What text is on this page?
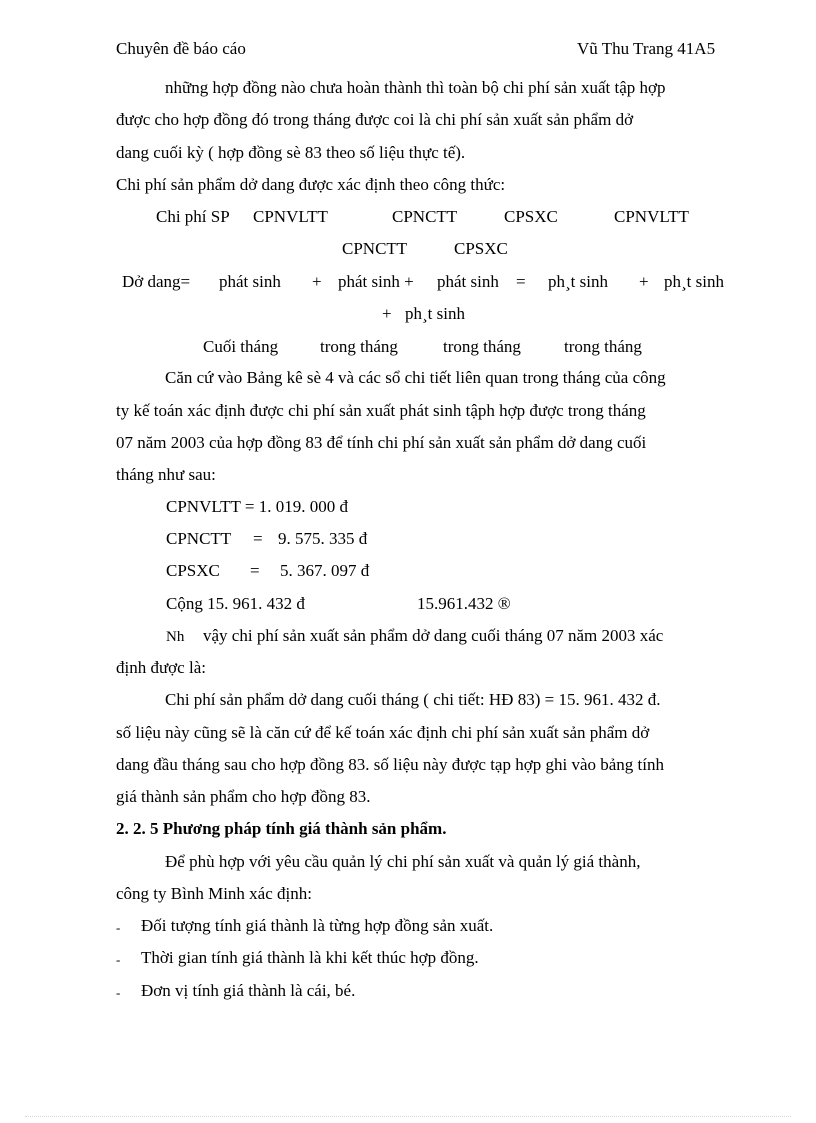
Chuyên đề báo cáo	Vũ Thu Trang 41A5
những hợp đồng nào chưa hoàn thành thì toàn bộ chi phí sản xuất tập hợp
được cho hợp đồng đó trong tháng được coi là chi phí sản xuất sản phẩm dở
dang cuối kỳ ( hợp đồng sè 83 theo số liệu thực tế).
Chi phí sản phẩm dở dang được xác định theo công thức:
Chi phí SP CPNVLTT	CPNCTT	CPSXC	CPNVLTT
CPNCTT	CPSXC
Dở dang= phát sinh + phát sinh + phát sinh = ph¸t sinh + ph¸t sinh
+ ph¸t sinh
Cuối tháng trong tháng	trong tháng	trong tháng
Căn cứ vào Bảng kê sè 4 và các sổ chi tiết liên quan trong tháng của công
ty kế toán xác định được chi phí sản xuất phát sinh tậph hợp được trong tháng
07 năm 2003 của hợp đồng 83 để tính chi phí sản xuất sản phẩm dở dang cuối
tháng như sau:
CPNVLTT = 1. 019. 000 đ
CPNCTT = 9. 575. 335 đ
CPSXC = 5. 367. 097 đ
Cộng 15. 961. 432 đ	15.961.432 ®
Nh vậy chi phí sản xuất sản phẩm dở dang cuối tháng 07 năm 2003 xác
định được là:
Chi phí sản phẩm dở dang cuối tháng ( chi tiết: HĐ 83) = 15. 961. 432 đ.
số liệu này cũng sẽ là căn cứ để kế toán xác định chi phí sản xuất sản phẩm dở
dang đầu tháng sau cho hợp đồng 83. số liệu này được tạp hợp ghi vào bảng tính
giá thành sản phẩm cho hợp đồng 83.
2. 2. 5 Phương pháp tính giá thành sản phẩm.
Để phù hợp với yêu cầu quản lý chi phí sản xuất và quản lý giá thành,
công ty Bình Minh xác định:
- Đối tượng tính giá thành là từng hợp đồng sản xuất.
- Thời gian tính giá thành là khi kết thúc hợp đồng.
- Đơn vị tính giá thành là cái, bé.
